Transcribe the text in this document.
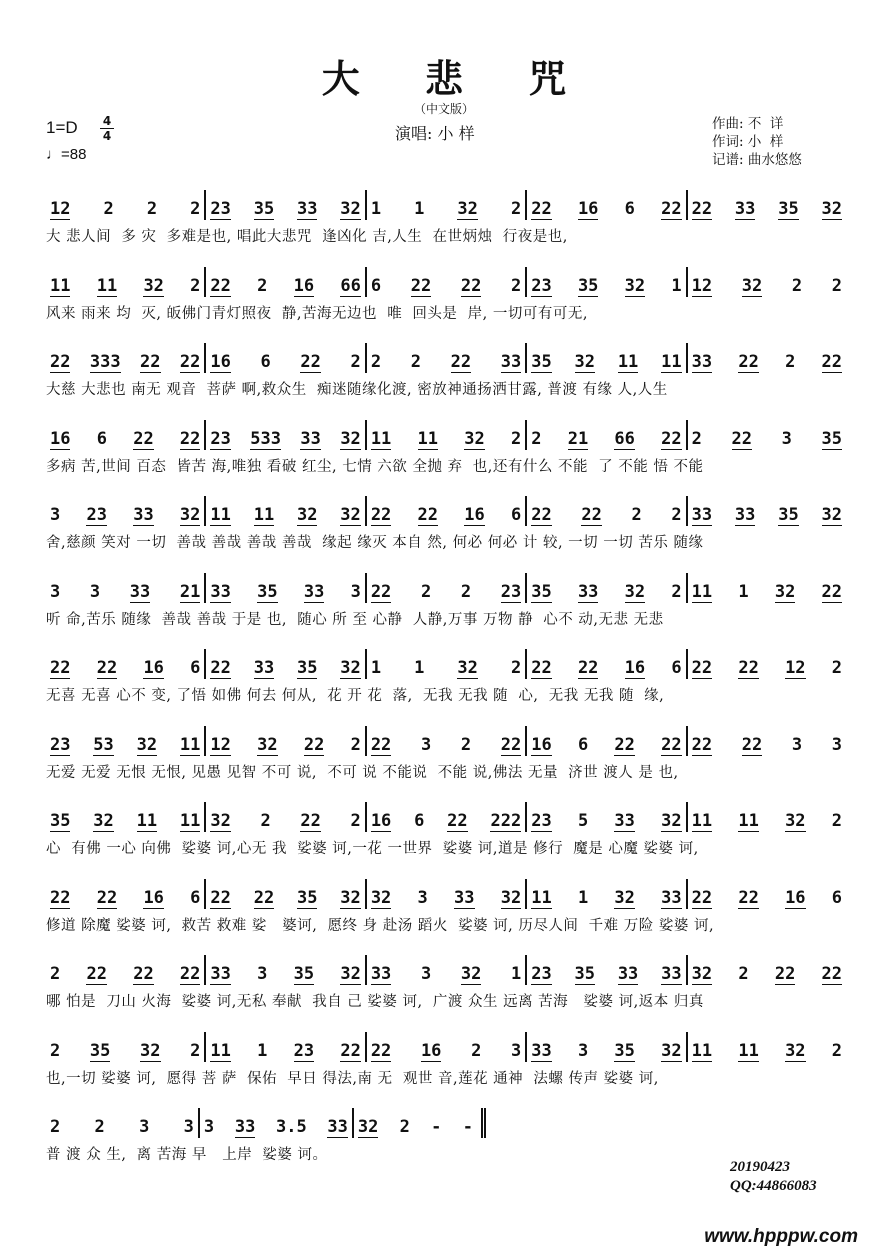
大 悲 咒
（中文版）
1=D 4
4
♩=88
演唱: 小 样	作曲: 不  详
作词: 小  样
记谱: 曲水悠悠
12 2 2 2 23 35 33 32 1 1 32 2 22 16 6 22 22 33 35 32
大 悲人间  多 灾  多难是也, 唱此大悲咒  逢凶化 吉,人生  在世炳烛  行夜是也,
11 11 32 2 22 2 16 66 6 22 22 2 23 35 32 1 12 32 2 2
风来 雨来 均  灭, 皈佛门青灯照夜  静,苦海无边也  唯  回头是  岸, 一切可有可无,
22 333 22 22 16 6 22 2 2 2 22 33 35 32 11 11 33 22 2 22
大慈 大悲也 南无 观音  菩萨 啊,救众生  痴迷随缘化渡, 密放神通扬洒甘露, 普渡 有缘 人,人生
16 6 22 22 23 533 33 32 11 11 32 2 2 21 66 22 2 22 3 35
多病 苦,世间 百态  皆苦 海,唯独 看破 红尘, 七情 六欲 全抛 弃  也,还有什么 不能  了 不能 悟 不能
3 23 33 32 11 11 32 32 22 22 16 6 22 22 2 2 33 33 35 32
舍,慈颜 笑对 一切  善哉 善哉 善哉 善哉  缘起 缘灭 本自 然, 何必 何必 计 较, 一切 一切 苦乐 随缘
3 3 33 21 33 35 33 3 22 2 2 23 35 33 32 2 11 1 32 22
听 命,苦乐 随缘  善哉 善哉 于是 也,  随心 所 至 心静  人静,万事 万物 静  心不 动,无悲 无悲
22 22 16 6 22 33 35 32 1 1 32 2 22 22 16 6 22 22 12 2
无喜 无喜 心不 变, 了悟 如佛 何去 何从,  花 开 花  落,  无我 无我 随  心,  无我 无我 随  缘,
23 53 32 11 12 32 22 2 22 3 2 22 16 6 22 22 22 22 3 3
无爱 无爱 无恨 无恨, 见愚 见智 不可 说,  不可 说 不能说  不能 说,佛法 无量  济世 渡人 是 也,
35 32 11 11 32 2 22 2 16 6 22 222 23 5 33 32 11 11 32 2
心  有佛 一心 向佛  娑婆 诃,心无 我  娑婆 诃,一花 一世界  娑婆 诃,道是 修行  魔是 心魔 娑婆 诃,
22 22 16 6 22 22 35 32 32 3 33 32 11 1 32 33 22 22 16 6
修道 除魔 娑婆 诃,  救苦 救难 娑   婆诃,  愿终 身 赴汤 蹈火  娑婆 诃, 历尽人间  千难 万险 娑婆 诃,
2 22 22 22 33 3 35 32 33 3 32 1 23 35 33 33 32 2 22 22
哪 怕是  刀山 火海  娑婆 诃,无私 奉献  我自 己 娑婆 诃,  广渡 众生 远离 苦海   娑婆 诃,返本 归真
2 35 32 2 11 1 23 22 22 16 2 3 33 3 35 32 11 11 32 2
也,一切 娑婆 诃,  愿得 菩 萨  保佑  早日 得法,南 无  观世 音,莲花 通神  法螺 传声 娑婆 诃,
2 2 3 3 3 33 3.5 33 32 2 - -
普 渡 众 生,  离 苦海 早   上岸  娑婆 诃。
20190423
QQ:44866083
www.hpppw.com
